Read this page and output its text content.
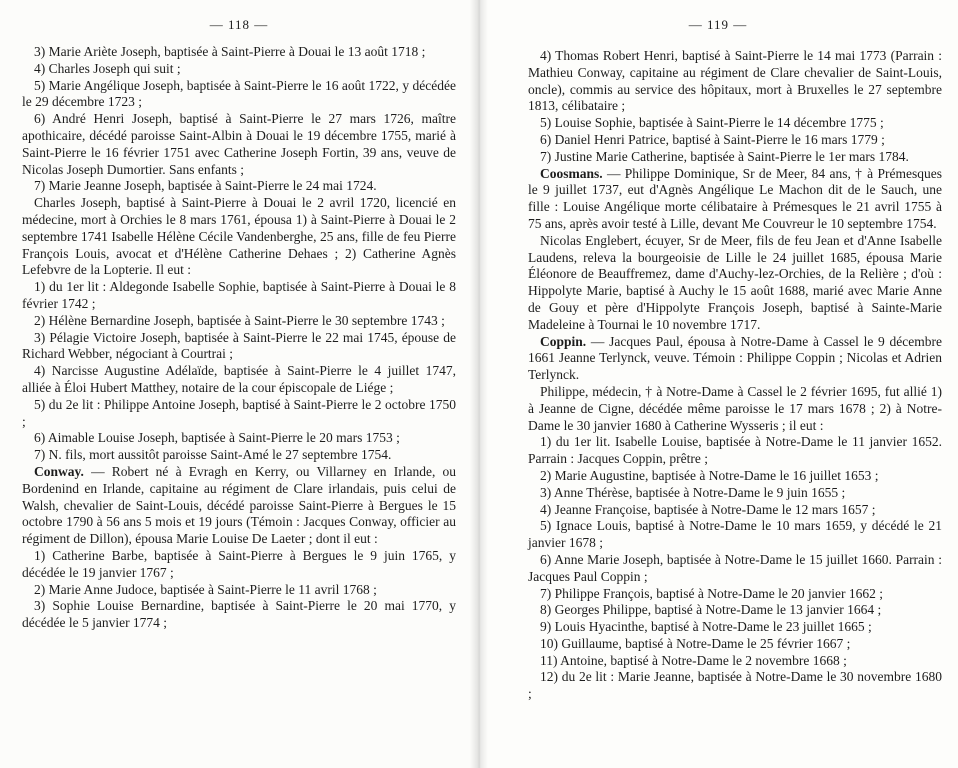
— 118 —

3) Marie Ariète Joseph, baptisée à Saint-Pierre à Douai le 13 août 1718 ;

4) Charles Joseph qui suit ;

5) Marie Angélique Joseph, baptisée à Saint-Pierre le 16 août 1722, y décédée le 29 décembre 1723 ;

6) André Henri Joseph, baptisé à Saint-Pierre le 27 mars 1726, maître apothicaire, décédé paroisse Saint-Albin à Douai le 19 décembre 1755, marié à Saint-Pierre le 16 février 1751 avec Catherine Joseph Fortin, 39 ans, veuve de Nicolas Joseph Dumortier. Sans enfants ;

7) Marie Jeanne Joseph, baptisée à Saint-Pierre le 24 mai 1724.

Charles Joseph, baptisé à Saint-Pierre à Douai le 2 avril 1720, licencié en médecine, mort à Orchies le 8 mars 1761, épousa 1) à Saint-Pierre à Douai le 2 septembre 1741 Isabelle Hélène Cécile Vandenberghe, 25 ans, fille de feu Pierre François Louis, avocat et d'Hélène Catherine Dehaes ; 2) Catherine Agnès Lefebvre de la Lopterie. Il eut :

1) du 1er lit : Aldegonde Isabelle Sophie, baptisée à Saint-Pierre à Douai le 8 février 1742 ;

2) Hélène Bernardine Joseph, baptisée à Saint-Pierre le 30 septembre 1743 ;

3) Pélagie Victoire Joseph, baptisée à Saint-Pierre le 22 mai 1745, épouse de Richard Webber, négociant à Courtrai ;

4) Narcisse Augustine Adélaïde, baptisée à Saint-Pierre le 4 juillet 1747, alliée à Éloi Hubert Matthey, notaire de la cour épiscopale de Liége ;

5) du 2e lit : Philippe Antoine Joseph, baptisé à Saint-Pierre le 2 octobre 1750 ;

6) Aimable Louise Joseph, baptisée à Saint-Pierre le 20 mars 1753 ;

7) N. fils, mort aussitôt paroisse Saint-Amé le 27 septembre 1754.

Conway. — Robert né à Evragh en Kerry, ou Villarney en Irlande, ou Bordenind en Irlande, capitaine au régiment de Clare irlandais, puis celui de Walsh, chevalier de Saint-Louis, décédé paroisse Saint-Pierre à Bergues le 15 octobre 1790 à 56 ans 5 mois et 19 jours (Témoin : Jacques Conway, officier au régiment de Dillon), épousa Marie Louise De Laeter ; dont il eut :

1) Catherine Barbe, baptisée à Saint-Pierre à Bergues le 9 juin 1765, y décédée le 19 janvier 1767 ;

2) Marie Anne Judoce, baptisée à Saint-Pierre le 11 avril 1768 ;

3) Sophie Louise Bernardine, baptisée à Saint-Pierre le 20 mai 1770, y décédée le 5 janvier 1774 ;

— 119 —

4) Thomas Robert Henri, baptisé à Saint-Pierre le 14 mai 1773 (Parrain : Mathieu Conway, capitaine au régiment de Clare chevalier de Saint-Louis, oncle), commis au service des hôpitaux, mort à Bruxelles le 27 septembre 1813, célibataire ;

5) Louise Sophie, baptisée à Saint-Pierre le 14 décembre 1775 ;

6) Daniel Henri Patrice, baptisé à Saint-Pierre le 16 mars 1779 ;

7) Justine Marie Catherine, baptisée à Saint-Pierre le 1er mars 1784.

Coosmans. — Philippe Dominique, Sr de Meer, 84 ans, † à Prémesques le 9 juillet 1737, eut d'Agnès Angélique Le Machon dit de le Sauch, une fille : Louise Angélique morte célibataire à Prémesques le 21 avril 1755 à 75 ans, après avoir testé à Lille, devant Me Couvreur le 10 septembre 1754.

Nicolas Englebert, écuyer, Sr de Meer, fils de feu Jean et d'Anne Isabelle Laudens, releva la bourgeoisie de Lille le 24 juillet 1685, épousa Marie Éléonore de Beauffremez, dame d'Auchy-lez-Orchies, de la Relière ; d'où : Hippolyte Marie, baptisé à Auchy le 15 août 1688, marié avec Marie Anne de Gouy et père d'Hippolyte François Joseph, baptisé à Sainte-Marie Madeleine à Tournai le 10 novembre 1717.

Coppin. — Jacques Paul, épousa à Notre-Dame à Cassel le 9 décembre 1661 Jeanne Terlynck, veuve. Témoin : Philippe Coppin ; Nicolas et Adrien Terlynck.

Philippe, médecin, † à Notre-Dame à Cassel le 2 février 1695, fut allié 1) à Jeanne de Cigne, décédée même paroisse le 17 mars 1678 ; 2) à Notre-Dame le 30 janvier 1680 à Catherine Wysseris ; il eut :

1) du 1er lit. Isabelle Louise, baptisée à Notre-Dame le 11 janvier 1652. Parrain : Jacques Coppin, prêtre ;

2) Marie Augustine, baptisée à Notre-Dame le 16 juillet 1653 ;

3) Anne Thérèse, baptisée à Notre-Dame le 9 juin 1655 ;

4) Jeanne Françoise, baptisée à Notre-Dame le 12 mars 1657 ;

5) Ignace Louis, baptisé à Notre-Dame le 10 mars 1659, y décédé le 21 janvier 1678 ;

6) Anne Marie Joseph, baptisée à Notre-Dame le 15 juillet 1660. Parrain : Jacques Paul Coppin ;

7) Philippe François, baptisé à Notre-Dame le 20 janvier 1662 ;

8) Georges Philippe, baptisé à Notre-Dame le 13 janvier 1664 ;

9) Louis Hyacinthe, baptisé à Notre-Dame le 23 juillet 1665 ;

10) Guillaume, baptisé à Notre-Dame le 25 février 1667 ;

11) Antoine, baptisé à Notre-Dame le 2 novembre 1668 ;

12) du 2e lit : Marie Jeanne, baptisée à Notre-Dame le 30 novembre 1680 ;
